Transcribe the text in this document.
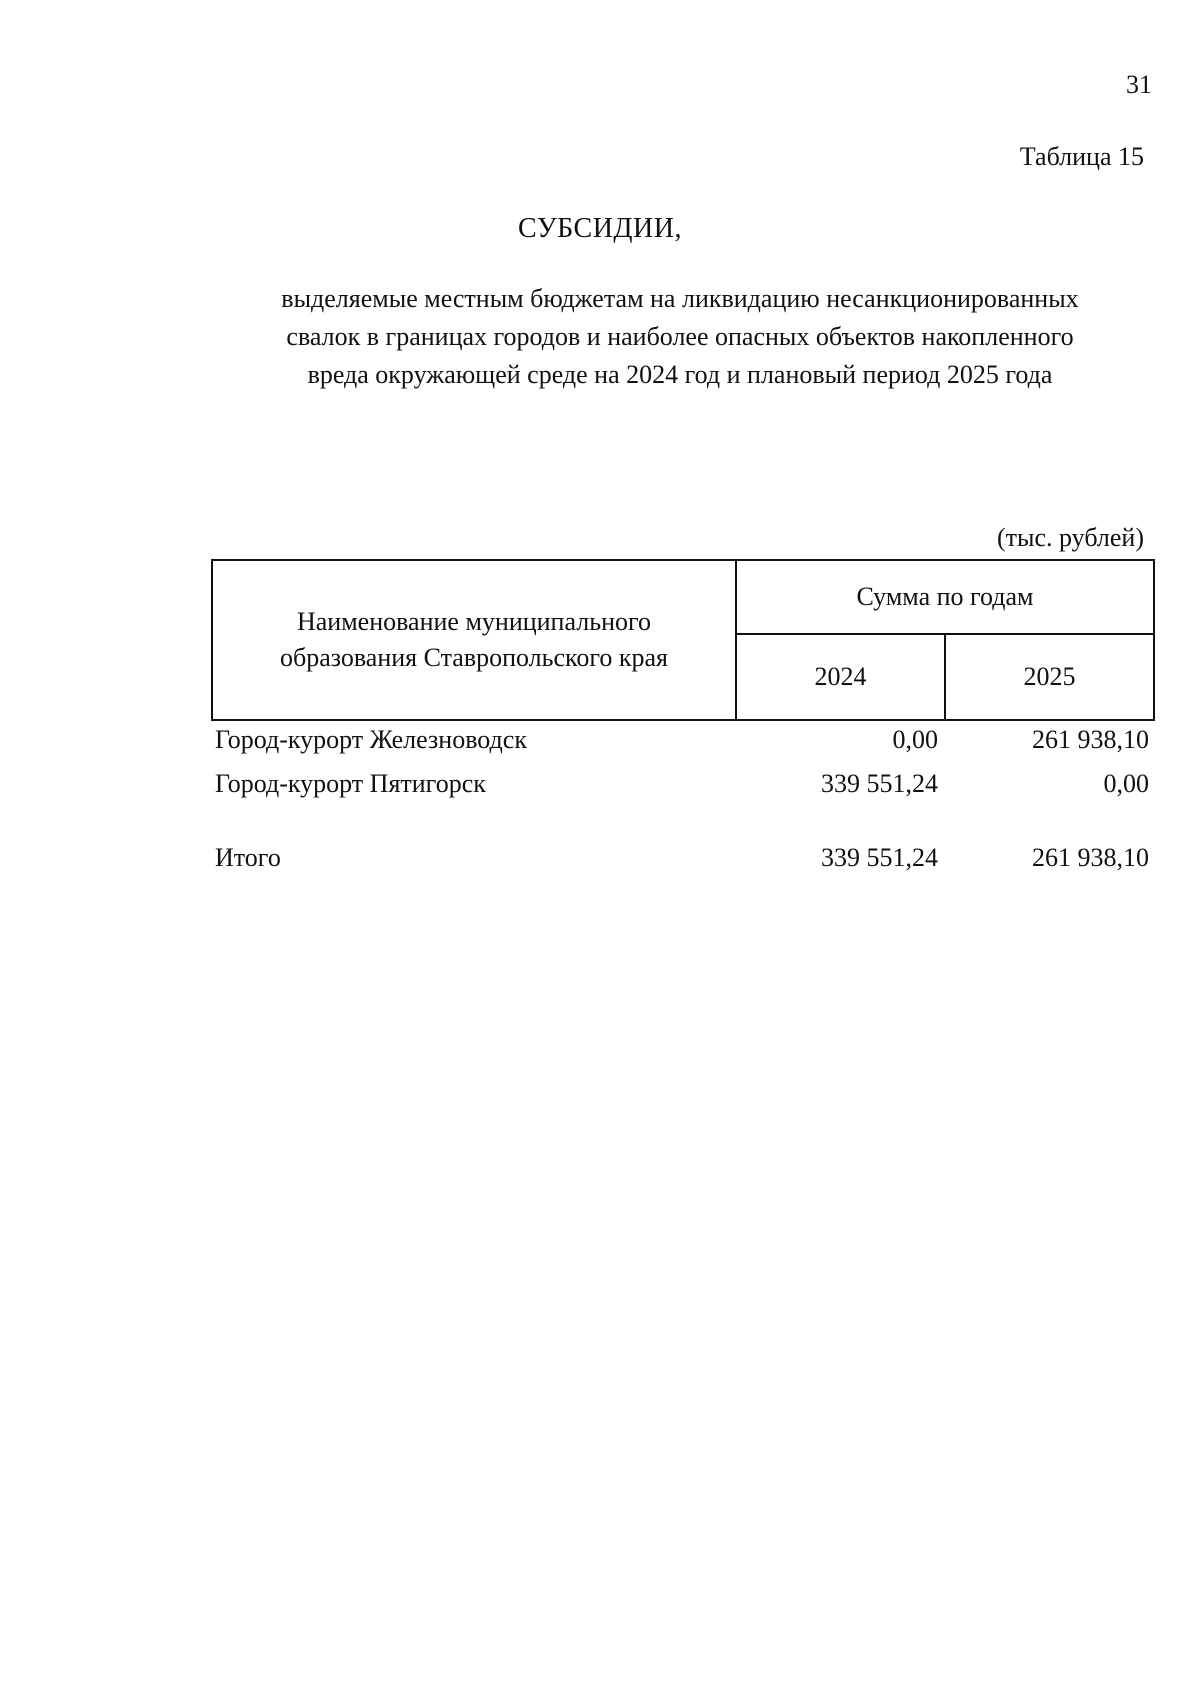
31
Таблица 15
СУБСИДИИ,
выделяемые местным бюджетам на ликвидацию несанкционированных
свалок в границах городов и наиболее опасных объектов накопленного
вреда окружающей среде на 2024 год и плановый период 2025 года
(тыс. рублей)
Наименование муниципального
образования Ставропольского края	Сумма по годам	
	2024	2025
Город-курорт Железноводск	0,00	261 938,10
Город-курорт Пятигорск	339 551,24	0,00
Итого	339 551,24	261 938,10
